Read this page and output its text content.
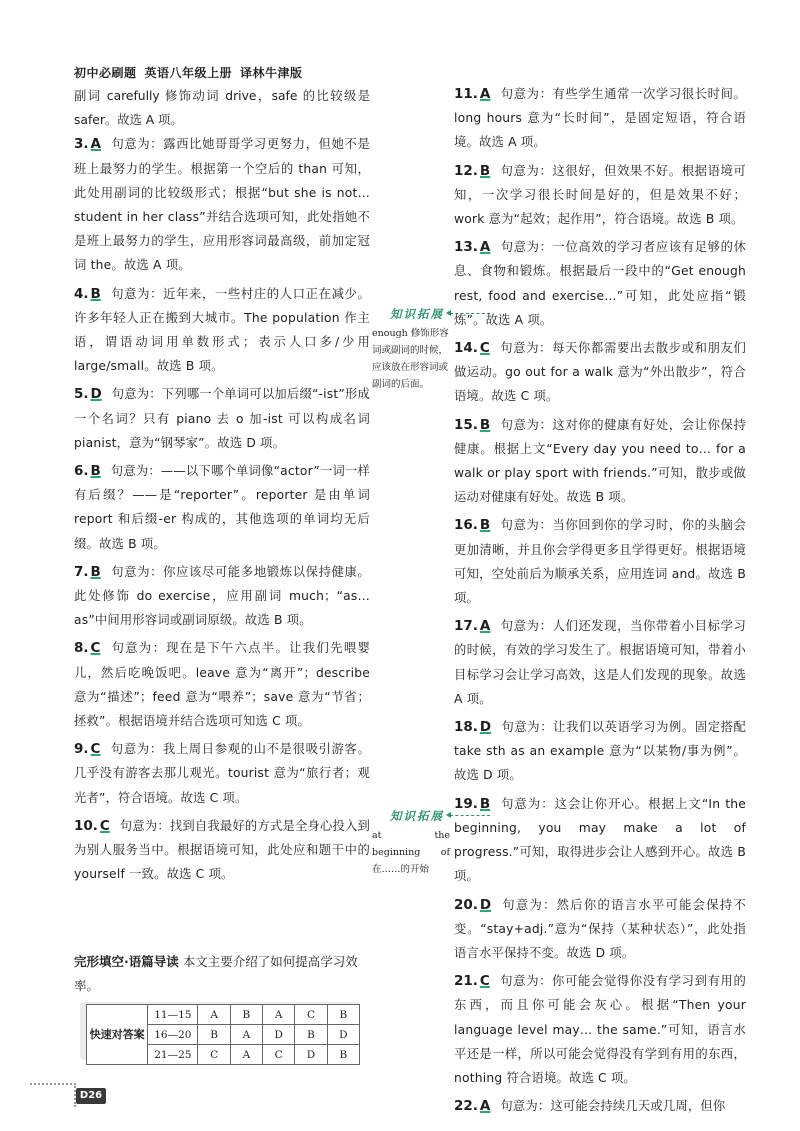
初中必刷题 英语八年级上册 译林牛津版
副词 carefully 修饰动词 drive，safe 的比较级是 safer。故选 A 项。
3. A 句意为：露西比她哥哥学习更努力，但她不是班上最努力的学生。根据第一个空后的 than 可知，此处用副词的比较级形式；根据“but she is not… student in her class”并结合选项可知，此处指她不是班上最努力的学生，应用形容词最高级，前加定冠词 the。故选 A 项。
4. B 句意为：近年来，一些村庄的人口正在减少。许多年轻人正在搬到大城市。The population 作主语，谓语动词用单数形式；表示人口多/少用 large/small。故选 B 项。
5. D 句意为：下列哪一个单词可以加后缀“-ist”形成一个名词？只有 piano 去 o 加-ist 可以构成名词 pianist，意为“钢琴家”。故选 D 项。
6. B 句意为：——以下哪个单词像“actor”一词一样有后缀？——是“reporter”。reporter 是由单词 report 和后缀-er 构成的，其他选项的单词均无后缀。故选 B 项。
7. B 句意为：你应该尽可能多地锻炼以保持健康。此处修饰 do exercise，应用副词 much；“as… as”中间用形容词或副词原级。故选 B 项。
8. C 句意为：现在是下午六点半。让我们先喂婴儿，然后吃晚饭吧。leave 意为“离开”；describe 意为“描述”；feed 意为“喂养”；save 意为“节省；拯救”。根据语境并结合选项可知选 C 项。
9. C 句意为：我上周日参观的山不是很吸引游客。几乎没有游客去那儿观光。tourist 意为“旅行者；观光者”，符合语境。故选 C 项。
10. C 句意为：找到自我最好的方式是全身心投入到为别人服务当中。根据语境可知，此处应和题干中的 yourself 一致。故选 C 项。
知识拓展
enough 修饰形容词或副词的时候，应该放在形容词或副词的后面。
知识拓展
at the beginning of 在……的开始
完形填空·语篇导读 本文主要介绍了如何提高学习效率。
快速对答案	11—15	A	B	A	C	B
	16—20	B	A	D	B	D
	21—25	C	A	C	D	B
11. A 句意为：有些学生通常一次学习很长时间。long hours 意为“长时间”，是固定短语，符合语境。故选 A 项。
12. B 句意为：这很好，但效果不好。根据语境可知，一次学习很长时间是好的，但是效果不好；work 意为“起效；起作用”，符合语境。故选 B 项。
13. A 句意为：一位高效的学习者应该有足够的休息、食物和锻炼。根据最后一段中的“Get enough rest, food and exercise…”可知，此处应指“锻炼”。故选 A 项。
14. C 句意为：每天你都需要出去散步或和朋友们做运动。go out for a walk 意为“外出散步”，符合语境。故选 C 项。
15. B 句意为：这对你的健康有好处，会让你保持健康。根据上文“Every day you need to… for a walk or play sport with friends.”可知，散步或做运动对健康有好处。故选 B 项。
16. B 句意为：当你回到你的学习时，你的头脑会更加清晰，并且你会学得更多且学得更好。根据语境可知，空处前后为顺承关系，应用连词 and。故选 B 项。
17. A 句意为：人们还发现，当你带着小目标学习的时候，有效的学习发生了。根据语境可知，带着小目标学习会让学习高效，这是人们发现的现象。故选 A 项。
18. D 句意为：让我们以英语学习为例。固定搭配 take sth as an example 意为“以某物/事为例”。故选 D 项。
19. B 句意为：这会让你开心。根据上文“In the beginning, you may make a lot of progress.”可知，取得进步会让人感到开心。故选 B 项。
20. D 句意为：然后你的语言水平可能会保持不变。“stay+adj.”意为“保持（某种状态）”，此处指语言水平保持不变。故选 D 项。
21. C 句意为：你可能会觉得你没有学习到有用的东西，而且你可能会灰心。根据“Then your language level may… the same.”可知，语言水平还是一样，所以可能会觉得没有学到有用的东西，nothing 符合语境。故选 C 项。
22. A 句意为：这可能会持续几天或几周，但你
D26
